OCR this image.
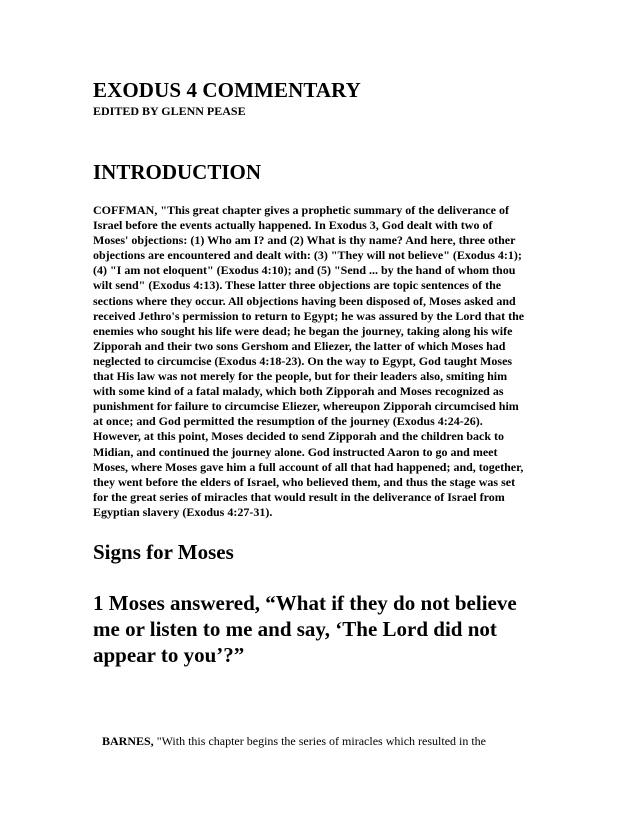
EXODUS 4 COMMENTARY
EDITED BY GLENN PEASE
INTRODUCTION

COFFMAN, "This great chapter gives a prophetic summary of the deliverance of
Israel before the events actually happened. In Exodus 3, God dealt with two of
Moses' objections: (1) Who am I? and (2) What is thy name? And here, three other
objections are encountered and dealt with: (3) "They will not believe" (Exodus 4:1);
(4) "I am not eloquent" (Exodus 4:10); and (5) "Send ... by the hand of whom thou
wilt send" (Exodus 4:13). These latter three objections are topic sentences of the
sections where they occur. All objections having been disposed of, Moses asked and
received Jethro's permission to return to Egypt; he was assured by the Lord that the
enemies who sought his life were dead; he began the journey, taking along his wife
Zipporah and their two sons Gershom and Eliezer, the latter of which Moses had
neglected to circumcise (Exodus 4:18-23). On the way to Egypt, God taught Moses
that His law was not merely for the people, but for their leaders also, smiting him
with some kind of a fatal malady, which both Zipporah and Moses recognized as
punishment for failure to circumcise Eliezer, whereupon Zipporah circumcised him
at once; and God permitted the resumption of the journey (Exodus 4:24-26).
However, at this point, Moses decided to send Zipporah and the children back to
Midian, and continued the journey alone. God instructed Aaron to go and meet
Moses, where Moses gave him a full account of all that had happened; and, together,
they went before the elders of Israel, who believed them, and thus the stage was set
for the great series of miracles that would result in the deliverance of Israel from
Egyptian slavery (Exodus 4:27-31).

Signs for Moses

1 Moses answered, “What if they do not believe
me or listen to me and say, ‘The Lord did not
appear to you’?”

BARNES, "With this chapter begins the series of miracles which resulted in the
